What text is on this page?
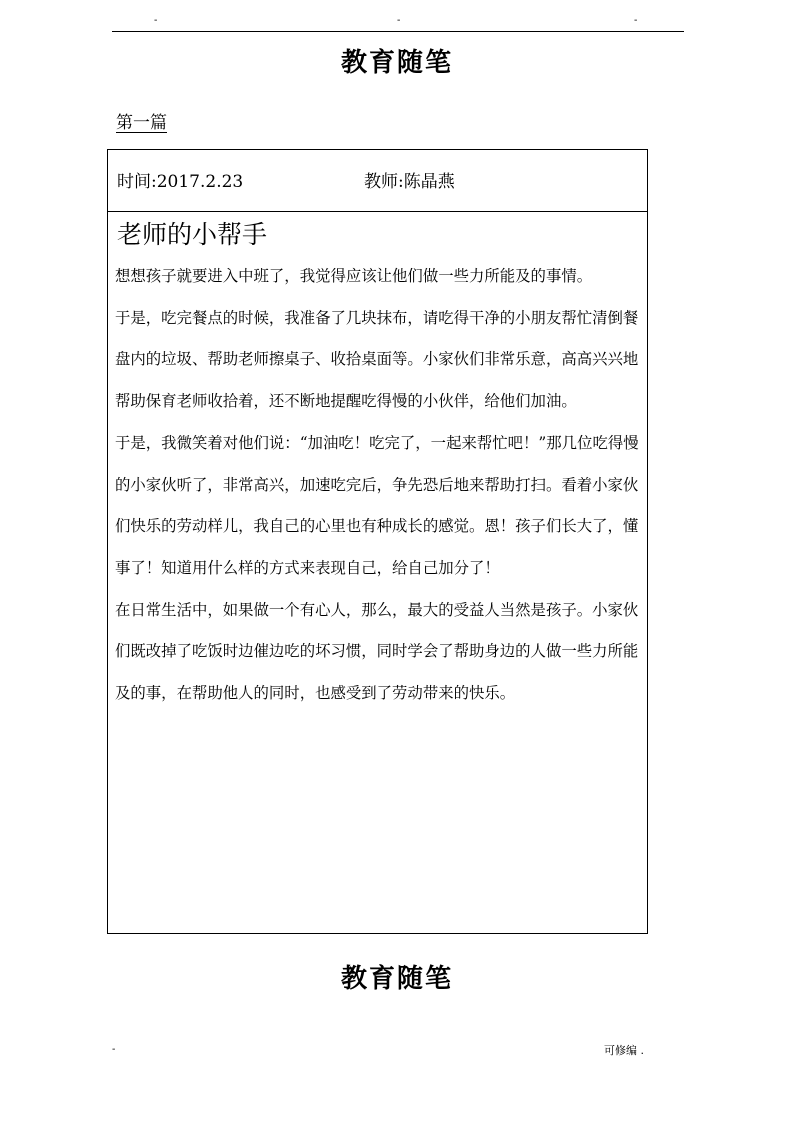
-	-	-
教育随笔
第一篇
时间:2017.2.23	教师:陈晶燕
老师的小帮手

想想孩子就要进入中班了，我觉得应该让他们做一些力所能及的事情。

于是，吃完餐点的时候，我准备了几块抹布，请吃得干净的小朋友帮忙清倒餐盘内的垃圾、帮助老师擦桌子、收拾桌面等。小家伙们非常乐意，高高兴兴地帮助保育老师收拾着，还不断地提醒吃得慢的小伙伴，给他们加油。

于是，我微笑着对他们说：“加油吃！吃完了，一起来帮忙吧！”那几位吃得慢的小家伙听了，非常高兴，加速吃完后，争先恐后地来帮助打扫。看着小家伙们快乐的劳动样儿，我自己的心里也有种成长的感觉。恩！孩子们长大了，懂事了！知道用什么样的方式来表现自己，给自己加分了！

在日常生活中，如果做一个有心人，那么，最大的受益人当然是孩子。小家伙们既改掉了吃饭时边催边吃的坏习惯，同时学会了帮助身边的人做一些力所能及的事，在帮助他人的同时，也感受到了劳动带来的快乐。

教育随笔
-	可修编 .
